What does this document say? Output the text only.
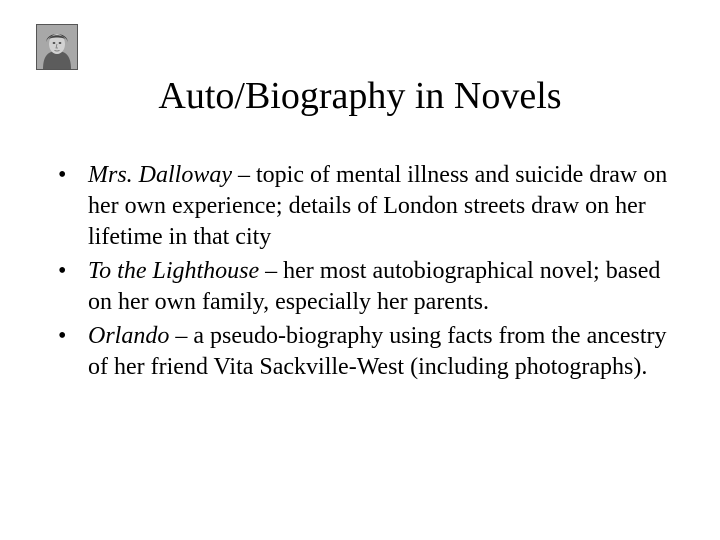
Auto/Biography in Novels
• Mrs. Dalloway – topic of mental illness and suicide draw on her own experience; details of London streets draw on her lifetime in that city
• To the Lighthouse – her most autobiographical novel; based on her own family, especially her parents.
• Orlando – a pseudo-biography using facts from the ancestry of her friend Vita Sackville-West (including photographs).
